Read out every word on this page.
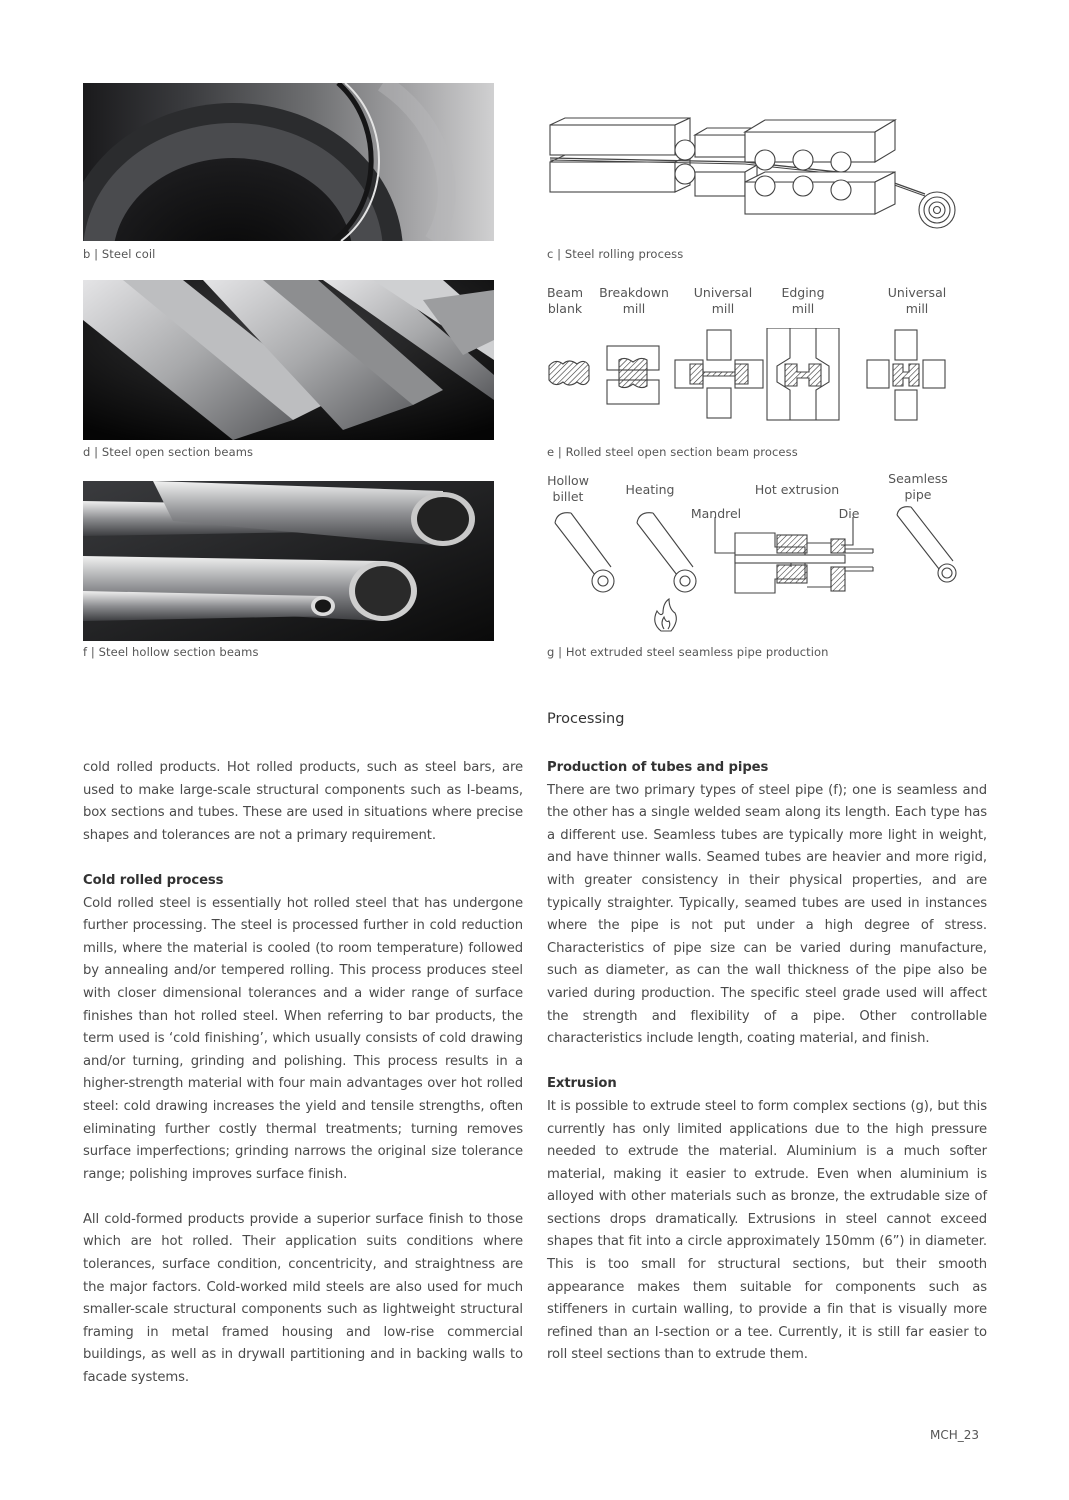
b | Steel coil
d | Steel open section beams
f | Steel hollow section beams
c | Steel rolling process
Beam
blank
Breakdown
mill
Universal
mill
Edging
mill
Universal
mill
e | Rolled steel open section beam process
Hollow
billet	Heating	Hot extrusion
Mandrel	Die
Seamless
pipe
g | Hot extruded steel seamless pipe production
Processing

cold rolled products. Hot rolled products, such as steel bars, are used to make large-scale structural components such as I-beams, box sections and tubes. These are used in situations where precise shapes and tolerances are not a primary requirement.

Cold rolled process

Cold rolled steel is essentially hot rolled steel that has undergone further processing. The steel is processed further in cold reduction mills, where the material is cooled (to room temperature) followed by annealing and/or tempered rolling. This process produces steel with closer dimensional tolerances and a wider range of surface finishes than hot rolled steel. When referring to bar products, the term used is ‘cold finishing’, which usually consists of cold drawing and/or turning, grinding and polishing. This process results in a higher-strength material with four main advantages over hot rolled steel: cold drawing increases the yield and tensile strengths, often eliminating further costly thermal treatments; turning removes surface imperfections; grinding narrows the original size tolerance range; polishing improves surface finish.

All cold-formed products provide a superior surface finish to those which are hot rolled. Their application suits conditions where tolerances, surface condition, concentricity, and straightness are the major factors. Cold-worked mild steels are also used for much smaller-scale structural components such as lightweight structural framing in metal framed housing and low-rise commercial buildings, as well as in drywall partitioning and in backing walls to facade systems.

Production of tubes and pipes

There are two primary types of steel pipe (f); one is seamless and the other has a single welded seam along its length. Each type has a different use. Seamless tubes are typically more light in weight, and have thinner walls. Seamed tubes are heavier and more rigid, with greater consistency in their physical properties, and are typically straighter. Typically, seamed tubes are used in instances where the pipe is not put under a high degree of stress. Characteristics of pipe size can be varied during manufacture, such as diameter, as can the wall thickness of the pipe also be varied during production. The specific steel grade used will affect the strength and flexibility of a pipe. Other controllable characteristics include length, coating material, and finish.

Extrusion

It is possible to extrude steel to form complex sections (g), but this currently has only limited applications due to the high pressure needed to extrude the material. Aluminium is a much softer material, making it easier to extrude. Even when aluminium is alloyed with other materials such as bronze, the extrudable size of sections drops dramatically. Extrusions in steel cannot exceed shapes that fit into a circle approximately 150mm (6”) in diameter. This is too small for structural sections, but their smooth appearance makes them suitable for components such as stiffeners in curtain walling, to provide a fin that is visually more refined than an I-section or a tee. Currently, it is still far easier to roll steel sections than to extrude them.

MCH_23
